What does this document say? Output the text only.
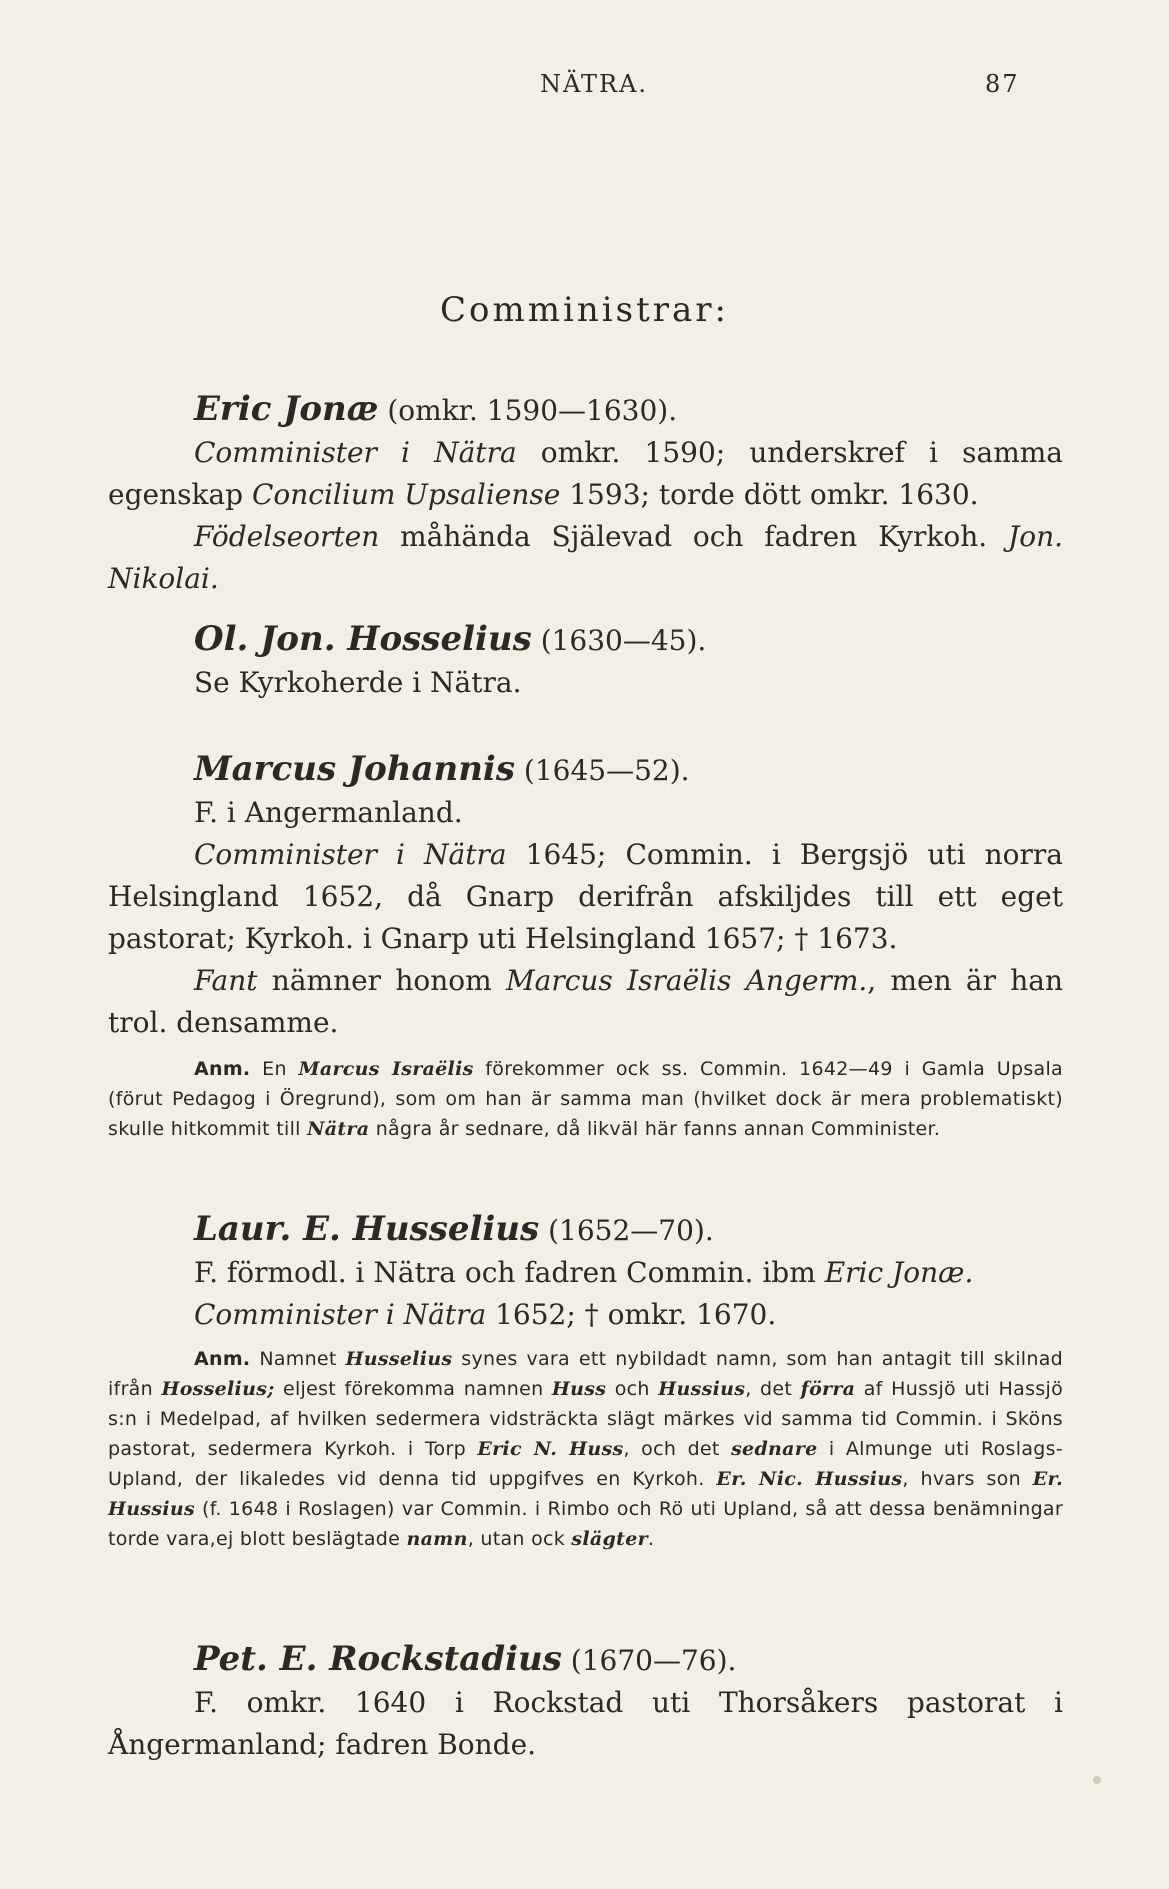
NÄTRA.	87
Comministrar:

Eric Jonæ (omkr. 1590—1630).

Comminister i Nätra omkr. 1590; underskref i samma egenskap Concilium Upsaliense 1593; torde dött omkr. 1630.

Födelseorten måhända Själevad och fadren Kyrkoh. Jon. Nikolai.

Ol. Jon. Hosselius (1630—45).

Se Kyrkoherde i Nätra.

Marcus Johannis (1645—52).

F. i Angermanland.

Comminister i Nätra 1645; Commin. i Bergsjö uti norra Helsingland 1652, då Gnarp derifrån afskiljdes till ett eget pastorat; Kyrkoh. i Gnarp uti Helsingland 1657; † 1673.

Fant nämner honom Marcus Israëlis Angerm., men är han trol. densamme.

Anm. En Marcus Israëlis förekommer ock ss. Commin. 1642—49 i Gamla Upsala (förut Pedagog i Öregrund), som om han är samma man (hvilket dock är mera problematiskt) skulle hitkommit till Nätra några år sednare, då likväl här fanns annan Comminister.

Laur. E. Husselius (1652—70).

F. förmodl. i Nätra och fadren Commin. ibm Eric Jonæ.

Comminister i Nätra 1652; † omkr. 1670.

Anm. Namnet Husselius synes vara ett nybildadt namn, som han antagit till skilnad ifrån Hosselius; eljest förekomma namnen Huss och Hussius, det förra af Hussjö uti Hassjö s:n i Medelpad, af hvilken sedermera vidsträckta slägt märkes vid samma tid Commin. i Sköns pastorat, sedermera Kyrkoh. i Torp Eric N. Huss, och det sednare i Almunge uti Roslags-Upland, der likaledes vid denna tid uppgifves en Kyrkoh. Er. Nic. Hussius, hvars son Er. Hussius (f. 1648 i Roslagen) var Commin. i Rimbo och Rö uti Upland, så att dessa benämningar torde vara,ej blott beslägtade namn, utan ock slägter.

Pet. E. Rockstadius (1670—76).

F. omkr. 1640 i Rockstad uti Thorsåkers pastorat i Ångermanland; fadren Bonde.
